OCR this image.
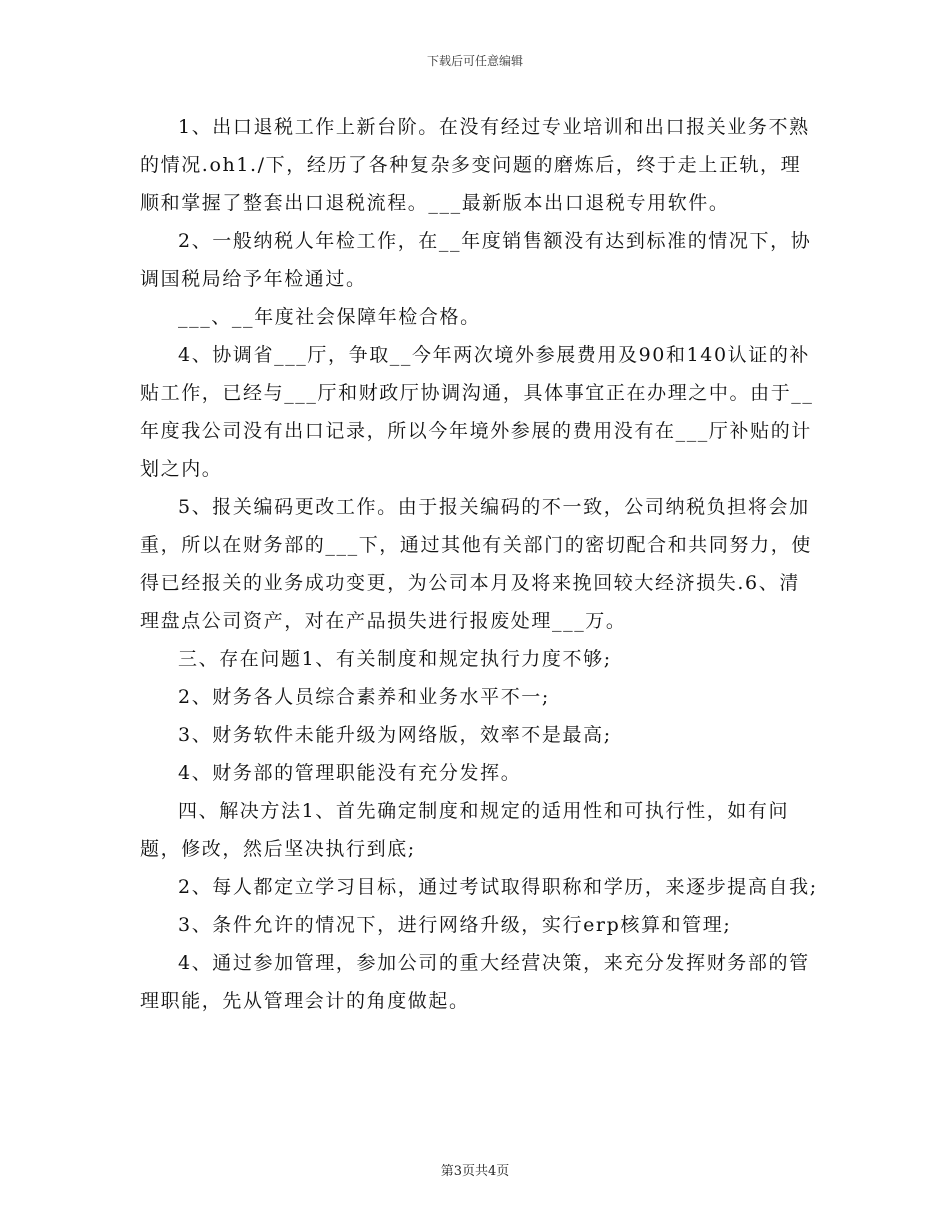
下载后可任意编辑

1、出口退税工作上新台阶。在没有经过专业培训和出口报关业务不熟的情况.oh1./下，经历了各种复杂多变问题的磨炼后，终于走上正轨，理顺和掌握了整套出口退税流程。___最新版本出口退税专用软件。

2、一般纳税人年检工作，在__年度销售额没有达到标准的情况下，协调国税局给予年检通过。

___、__年度社会保障年检合格。

4、协调省___厅，争取__今年两次境外参展费用及90和140认证的补贴工作，已经与___厅和财政厅协调沟通，具体事宜正在办理之中。由于__年度我公司没有出口记录，所以今年境外参展的费用没有在___厅补贴的计划之内。

5、报关编码更改工作。由于报关编码的不一致，公司纳税负担将会加重，所以在财务部的___下，通过其他有关部门的密切配合和共同努力，使得已经报关的业务成功变更，为公司本月及将来挽回较大经济损失.6、清理盘点公司资产，对在产品损失进行报废处理___万。

三、存在问题1、有关制度和规定执行力度不够;

2、财务各人员综合素养和业务水平不一;

3、财务软件未能升级为网络版，效率不是最高;

4、财务部的管理职能没有充分发挥。

四、解决方法1、首先确定制度和规定的适用性和可执行性，如有问题，修改，然后坚决执行到底;

2、每人都定立学习目标，通过考试取得职称和学历，来逐步提高自我;

3、条件允许的情况下，进行网络升级，实行erp核算和管理;

4、通过参加管理，参加公司的重大经营决策，来充分发挥财务部的管理职能，先从管理会计的角度做起。

第3页共4页
